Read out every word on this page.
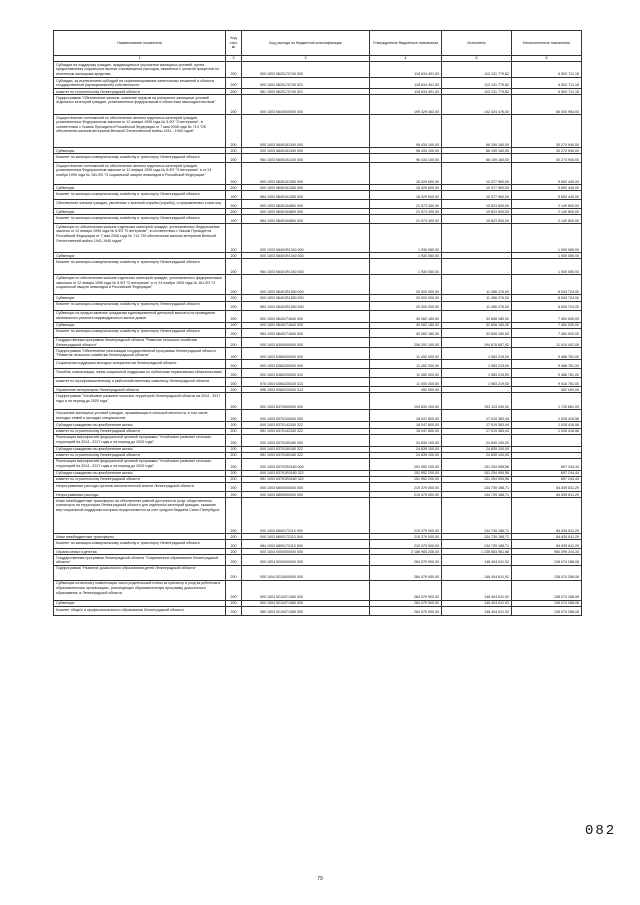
Наименование показателя	Код стро ки	Код расхода по бюджетной классификации	Утвержденные бюджетные назначения	Исполнено	Неисполненные назначения
1	2	3	4	5	6
Субсидия на поддержку граждан, нуждающихся в улучшении жилищных условий, путем предоставления социальных выплат и возмещения расходов, связанных с уплатой процентов по ипотечным жилищным кредитам	200	000 1003 5820170740 000	118 634 491,00	112 131 779,82	6 502 711,18
Субсидии, за исключением субсидий на софинансирование капитальных вложений в объекты государственной (муниципальной) собственности	200	000 1003 5820170740 521	118 634 491,00	112 131 779,82	6 502 711,18
комитет по строительству Ленинградской области	200	981 1003 5820170740 521	118 634 491,00	112 131 779,82	6 502 711,18
Подпрограмма "Обеспечение жильем, освоение средств на улучшение жилищных условий отдельных категорий граждан, установленных федеральным и областным законодательством"	200	000 1003 5840000000 000	199 429 463,00	142 424 476,00	56 004 984,00
Осуществление полномочий по обеспечению жильем отдельных категорий граждан, установленных Федеральным законом от 12 января 1995 года № 5-ФЗ "О ветеранах", в соответствии с Указом Президента Российской Федерации от 7 мая 2008 года № 714 "Об обеспечении жильем ветеранов Великой Отечественной войны 1941 - 1945 годов"	200	000 1003 5840151340 000	96 434 100,00	66 159 160,00	30 274 940,00
Субвенции	200	000 1003 5840151340 530	96 434 100,00	66 159 160,00	30 274 940,00
Комитет по жилищно-коммунальному хозяйству и транспорту Ленинградской области	200	984 1003 5840151340 530	96 434 100,00	66 159 160,00	30 274 940,00
Осуществление полномочий по обеспечению жильем отдельных категорий граждан, установленных Федеральным законом от 12 января 1995 года № 5-ФЗ "О ветеранах" и от 24 ноября 1995 года № 181-ФЗ "О социальной защите инвалидов в Российской Федерации"	200	000 1003 5840151350 000	16 029 600,00	10 377 960,00	5 652 440,00
Субвенции	200	000 1003 5840151350 530	16 029 600,00	10 377 960,00	5 652 440,00
Комитет по жилищно-коммунальному хозяйству и транспорту Ленинградской области	200	984 1003 5840151350 530	16 029 600,00	10 377 960,00	5 652 440,00
Обеспечение жильем граждан, уволенных с военной службы (службы), и приравненных к ним лиц	200	000 1003 5840154850 000	21 973 300,00	19 823 500,00	2 149 800,00
Субвенции	200	000 1003 5840154850 530	21 973 300,00	19 823 500,00	2 149 800,00
Комитет по жилищно-коммунальному хозяйству и транспорту Ленинградской области	200	984 1003 5840154850 530	21 973 300,00	19 823 500,00	2 149 800,00
Субвенции по обеспечению жильем отдельных категорий граждан, установленных Федеральным законом от 12 января 1995 года № 5-ФЗ "О ветеранах", в соответствии с Указом Президента Российской Федерации от 7 мая 2008 года № 714 "Об обеспечении жильем ветеранов Великой Отечественной войны 1941-1945 годов"	200	000 1003 58401R1340 000	1 930 080,00	-	1 930 080,00
Субвенции	200	000 1003 58401R1340 530	1 930 080,00	-	1 930 080,00
Комитет по жилищно-коммунальному хозяйству и транспорту Ленинградской области	200	984 1003 58401R1340 530	1 930 080,00	-	1 930 080,00
Субвенции по обеспечению жильем отдельных категорий граждан, установленных федеральными законами от 12 января 1995 года № 5-ФЗ "О ветеранах" и от 24 ноября 1995 года № 181-ФЗ "О социальной защите инвалидов в Российской Федерации"	200	000 1003 58401R1350 000	20 000 000,00	11 456 276,00	8 543 724,00
Субвенции	200	000 1003 58401R1350 530	20 000 000,00	11 456 276,00	8 543 724,00
Комитет по жилищно-коммунальному хозяйству и транспорту Ленинградской области	200	984 1003 58401R1350 530	20 000 000,00	11 456 276,00	8 543 724,00
Субвенции на предоставление гражданам единовременной денежной выплаты на проведение капитального ремонта индивидуальных жилых домов	200	000 1003 5840271840 000	40 062 180,00	32 608 180,00	7 454 000,00
Субвенции	200	000 1003 5840271840 530	40 062 180,00	32 608 180,00	7 454 000,00
Комитет по жилищно-коммунальному хозяйству и транспорту Ленинградской области	200	984 1003 5840271840 530	40 062 180,00	32 608 180,00	7 454 000,00
Государственная программа Ленинградской области "Развитие сельского хозяйства Ленинградской области"	200	000 1003 6300000000 000	206 291 100,00	194 676 657,92	11 614 442,08
Подпрограмма "Обеспечение реализации государственной программы Ленинградской области "Развитие сельского хозяйства Ленинградской области"	200	000 1003 6360000000 000	11 452 000,00	1 983 219,00	9 468 781,00
Социальная поддержка молодых специалистов Ленинградской области	200	000 1003 6360200000 000	11 452 000,00	1 983 219,00	9 468 781,00
Пособия, компенсации, меры социальной поддержки по публичным нормативным обязательствам	200	000 1003 6360220020 313	11 452 000,00	1 983 219,00	9 468 781,00
комитет по агропромышленному и рыбохозяйственному комплексу Ленинградской области	200	975 1003 6360220020 313	11 000 000,00	1 983 219,00	9 016 781,00
Управление ветеринарии Ленинградской области	200	996 1003 6360220020 313	452 000,00	-	452 000,00
Подпрограмма "Устойчивое развитие сельских территорий Ленинградской области на 2014 - 2017 годы и на период до 2020 года"	200	000 1003 6370000000 000	194 839 100,00	193 113 439,00	1 725 661,00
Улучшение жилищных условий граждан, проживающих в сельской местности, в том числе молодых семей и молодых специалистов	200	000 1003 6370100000 000	18 047 800,00	17 019 383,44	1 028 416,56
Субсидии гражданам на приобретение жилья	200	000 1003 6370142340 322	18 047 800,00	17 019 383,44	1 028 416,56
комитет по строительству Ленинградской области	200	981 1003 6370142340 322	18 047 800,00	17 019 383,44	1 028 416,56
Реализация мероприятий федеральной целевой программы "Устойчивое развитие сельских территорий на 2014 - 2017 годы и на период до 2020 года"	200	000 1003 6370150180 000	24 839 100,00	24 839 100,00	-
Субсидии гражданам на приобретение жилья	200	000 1003 6370150180 322	24 839 100,00	24 839 100,00	-
комитет по строительству Ленинградской области	200	981 1003 6370150180 322	24 839 100,00	24 839 100,00	-
Реализация мероприятий федеральной целевой программы "Устойчивое развитие сельских территорий на 2014 - 2017 годы и на период до 2020 года"	200	000 1003 63701R0180 000	151 952 200,00	151 254 955,56	697 244,44
Субсидии гражданам на приобретение жилья	200	000 1003 63701R0180 322	151 952 200,00	151 254 955,56	697 244,44
комитет по строительству Ленинградской области	200	981 1003 63701R0180 322	151 952 200,00	151 254 955,56	697 244,44
Непрограммные расходы органов исполнительной власти Ленинградской области	200	000 1003 6800000000 000	219 379 000,00	134 739 188,71	84 639 811,29
Непрограммные расходы	200	000 1003 6890000000 000	219 379 000,00	134 739 188,71	84 639 811,29
Иные межбюджетные трансферты на обеспечение равной доступности услуг общественного транспорта на территории Ленинградской области для отдельных категорий граждан, оказание мер социальной поддержки которым осуществляется за счет средств бюджета Санкт-Петербурга	200	000 1003 6890172110 000	219 379 000,00	134 739 188,71	84 639 811,29
Иные межбюджетные трансферты	200	000 1003 6890172110 540	219 379 000,00	134 739 188,71	84 639 811,29
Комитет по жилищно-коммунальному хозяйству и транспорту Ленинградской области	200	984 1003 6890172110 540	219 379 000,00	134 739 188,71	84 639 811,29
Охрана семьи и детства	200	000 1004 0000000000 000	2 186 983 206,00	1 236 683 961,66	950 299 244,34
Государственная программа Ленинградской области "Современное образование Ленинградской области"	200	000 1004 5200000000 000	284 479 900,00	146 404 611,92	138 074 288,08
Подпрограмма "Развитие дошкольного образования детей Ленинградской области"	200	000 1004 5210000000 000	284 479 900,00	146 404 611,92	138 074 288,08
Субвенции на выплату компенсации части родительской платы за присмотр и уход за ребенком в образовательных организациях, реализующих образовательную программу дошкольного образования, в Ленинградской области	200	000 1004 5210471360 000	284 479 900,00	146 404 611,92	138 074 288,08
Субвенции	200	000 1004 5210471360 530	284 479 900,00	146 404 611,92	138 074 288,08
Комитет общего и профессионального образования Ленинградской области	200	980 1004 5210471360 530	284 479 900,00	146 404 611,92	138 074 288,08
79
082
